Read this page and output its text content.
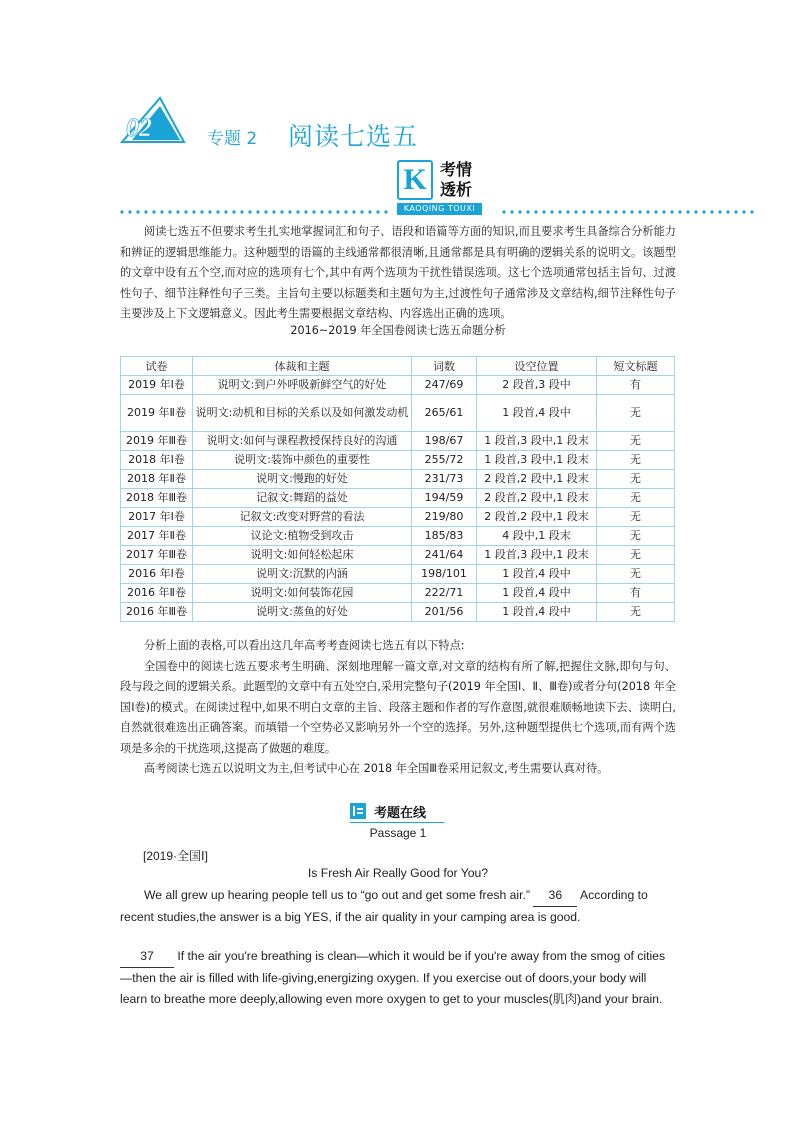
02	专题 2 阅读七选五
K 考情
透析
KAOQING TOUXI

阅读七选五不但要求考生扎实地掌握词汇和句子、语段和语篇等方面的知识,而且要求考生具备综合分析能力和辨证的逻辑思维能力。这种题型的语篇的主线通常都很清晰,且通常都是具有明确的逻辑关系的说明文。该题型的文章中设有五个空,而对应的选项有七个,其中有两个选项为干扰性错误选项。这七个选项通常包括主旨句、过渡性句子、细节注释性句子三类。主旨句主要以标题类和主题句为主,过渡性句子通常涉及文章结构,细节注释性句子主要涉及上下文逻辑意义。因此考生需要根据文章结构、内容选出正确的选项。

2016~2019 年全国卷阅读七选五命题分析
试卷	体裁和主题	词数	设空位置	短文标题
2019 年Ⅰ卷	说明文:到户外呼吸新鲜空气的好处	247/69	2 段首,3 段中	有
2019 年Ⅱ卷	说明文:动机和目标的关系以及如何激发动机	265/61	1 段首,4 段中	无
2019 年Ⅲ卷	说明文:如何与课程教授保持良好的沟通	198/67	1 段首,3 段中,1 段末	无
2018 年Ⅰ卷	说明文:装饰中颜色的重要性	255/72	1 段首,3 段中,1 段末	无
2018 年Ⅱ卷	说明文:慢跑的好处	231/73	2 段首,2 段中,1 段末	无
2018 年Ⅲ卷	记叙文:舞蹈的益处	194/59	2 段首,2 段中,1 段末	无
2017 年Ⅰ卷	记叙文:改变对野营的看法	219/80	2 段首,2 段中,1 段末	无
2017 年Ⅱ卷	议论文:植物受到攻击	185/83	4 段中,1 段末	无
2017 年Ⅲ卷	说明文:如何轻松起床	241/64	1 段首,3 段中,1 段末	无
2016 年Ⅰ卷	说明文:沉默的内涵	198/101	1 段首,4 段中	无
2016 年Ⅱ卷	说明文:如何装饰花园	222/71	1 段首,4 段中	有
2016 年Ⅲ卷	说明文:蒸鱼的好处	201/56	1 段首,4 段中	无

分析上面的表格,可以看出这几年高考考查阅读七选五有以下特点:

全国卷中的阅读七选五要求考生明确、深刻地理解一篇文章,对文章的结构有所了解,把握住文脉,即句与句、段与段之间的逻辑关系。此题型的文章中有五处空白,采用完整句子(2019 年全国Ⅰ、Ⅱ、Ⅲ卷)或者分句(2018 年全国Ⅰ卷)的模式。在阅读过程中,如果不明白文章的主旨、段落主题和作者的写作意图,就很难顺畅地读下去、读明白,自然就很难选出正确答案。而填错一个空势必又影响另外一个空的选择。另外,这种题型提供七个选项,而有两个选项是多余的干扰选项,这提高了做题的难度。

高考阅读七选五以说明文为主,但考试中心在 2018 年全国Ⅲ卷采用记叙文,考生需要认真对待。

考题在线
Passage 1
[2019·全国Ⅰ]
Is Fresh Air Really Good for You?
We all grew up hearing people tell us to “go out and get some fresh air.” 36 According to recent studies,the answer is a big YES, if the air quality in your camping area is good.
37 If the air you're breathing is clean—which it would be if you're away from the smog of cities—then the air is filled with life-giving,energizing oxygen. If you exercise out of doors,your body will learn to breathe more deeply,allowing even more oxygen to get to your muscles(肌肉)and your brain.
